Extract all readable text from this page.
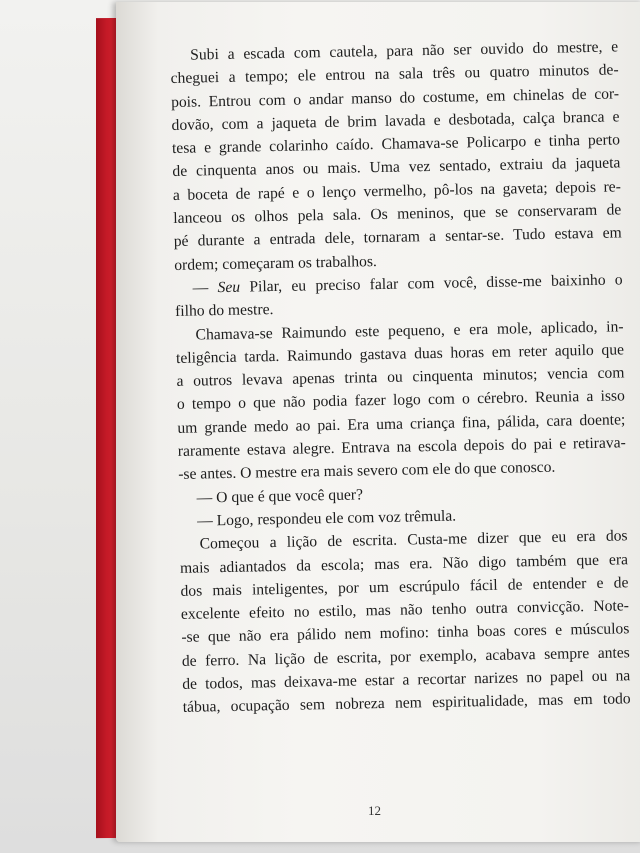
Subi a escada com cautela, para não ser ouvido do mestre, e
cheguei a tempo; ele entrou na sala três ou quatro minutos de-
pois. Entrou com o andar manso do costume, em chinelas de cor-
dovão, com a jaqueta de brim lavada e desbotada, calça branca e
tesa e grande colarinho caído. Chamava-se Policarpo e tinha perto
de cinquenta anos ou mais. Uma vez sentado, extraiu da jaqueta
a boceta de rapé e o lenço vermelho, pô-los na gaveta; depois re-
lanceou os olhos pela sala. Os meninos, que se conservaram de
pé durante a entrada dele, tornaram a sentar-se. Tudo estava em
ordem; começaram os trabalhos.
— Seu Pilar, eu preciso falar com você, disse-me baixinho o
filho do mestre.
Chamava-se Raimundo este pequeno, e era mole, aplicado, in-
teligência tarda. Raimundo gastava duas horas em reter aquilo que
a outros levava apenas trinta ou cinquenta minutos; vencia com
o tempo o que não podia fazer logo com o cérebro. Reunia a isso
um grande medo ao pai. Era uma criança fina, pálida, cara doente;
raramente estava alegre. Entrava na escola depois do pai e retirava-
-se antes. O mestre era mais severo com ele do que conosco.
— O que é que você quer?
— Logo, respondeu ele com voz trêmula.
Começou a lição de escrita. Custa-me dizer que eu era dos
mais adiantados da escola; mas era. Não digo também que era
dos mais inteligentes, por um escrúpulo fácil de entender e de
excelente efeito no estilo, mas não tenho outra convicção. Note-
-se que não era pálido nem mofino: tinha boas cores e músculos
de ferro. Na lição de escrita, por exemplo, acabava sempre antes
de todos, mas deixava-me estar a recortar narizes no papel ou na
tábua, ocupação sem nobreza nem espiritualidade, mas em todo
12
